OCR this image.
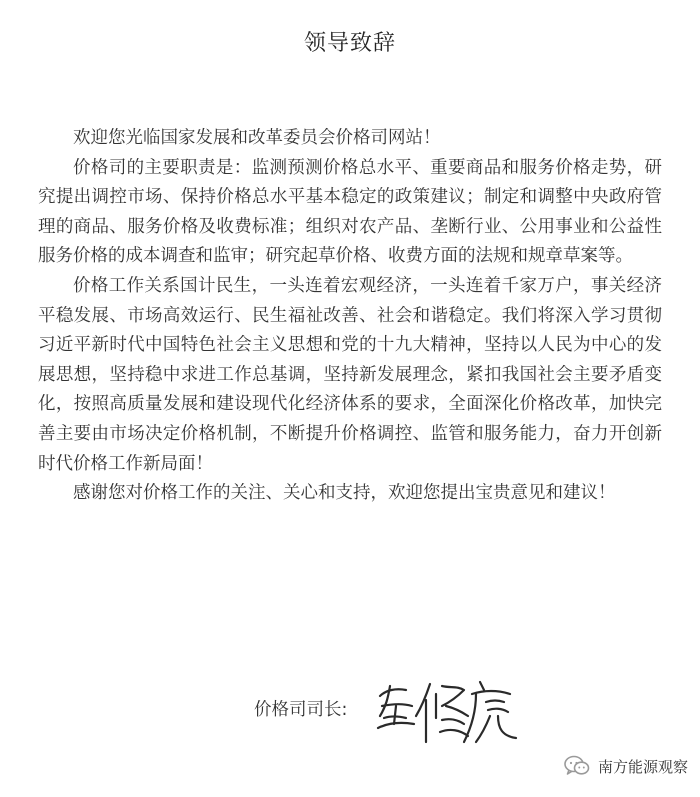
领导致辞

欢迎您光临国家发展和改革委员会价格司网站！

价格司的主要职责是：监测预测价格总水平、重要商品和服务价格走势，研究提出调控市场、保持价格总水平基本稳定的政策建议；制定和调整中央政府管理的商品、服务价格及收费标准；组织对农产品、垄断行业、公用事业和公益性服务价格的成本调查和监审；研究起草价格、收费方面的法规和规章草案等。

价格工作关系国计民生，一头连着宏观经济，一头连着千家万户，事关经济平稳发展、市场高效运行、民生福祉改善、社会和谐稳定。我们将深入学习贯彻习近平新时代中国特色社会主义思想和党的十九大精神，坚持以人民为中心的发展思想，坚持稳中求进工作总基调，坚持新发展理念，紧扣我国社会主要矛盾变化，按照高质量发展和建设现代化经济体系的要求，全面深化价格改革，加快完善主要由市场决定价格机制，不断提升价格调控、监管和服务能力，奋力开创新时代价格工作新局面！

感谢您对价格工作的关注、关心和支持，欢迎您提出宝贵意见和建议！

价格司司长:
南方能源观察
